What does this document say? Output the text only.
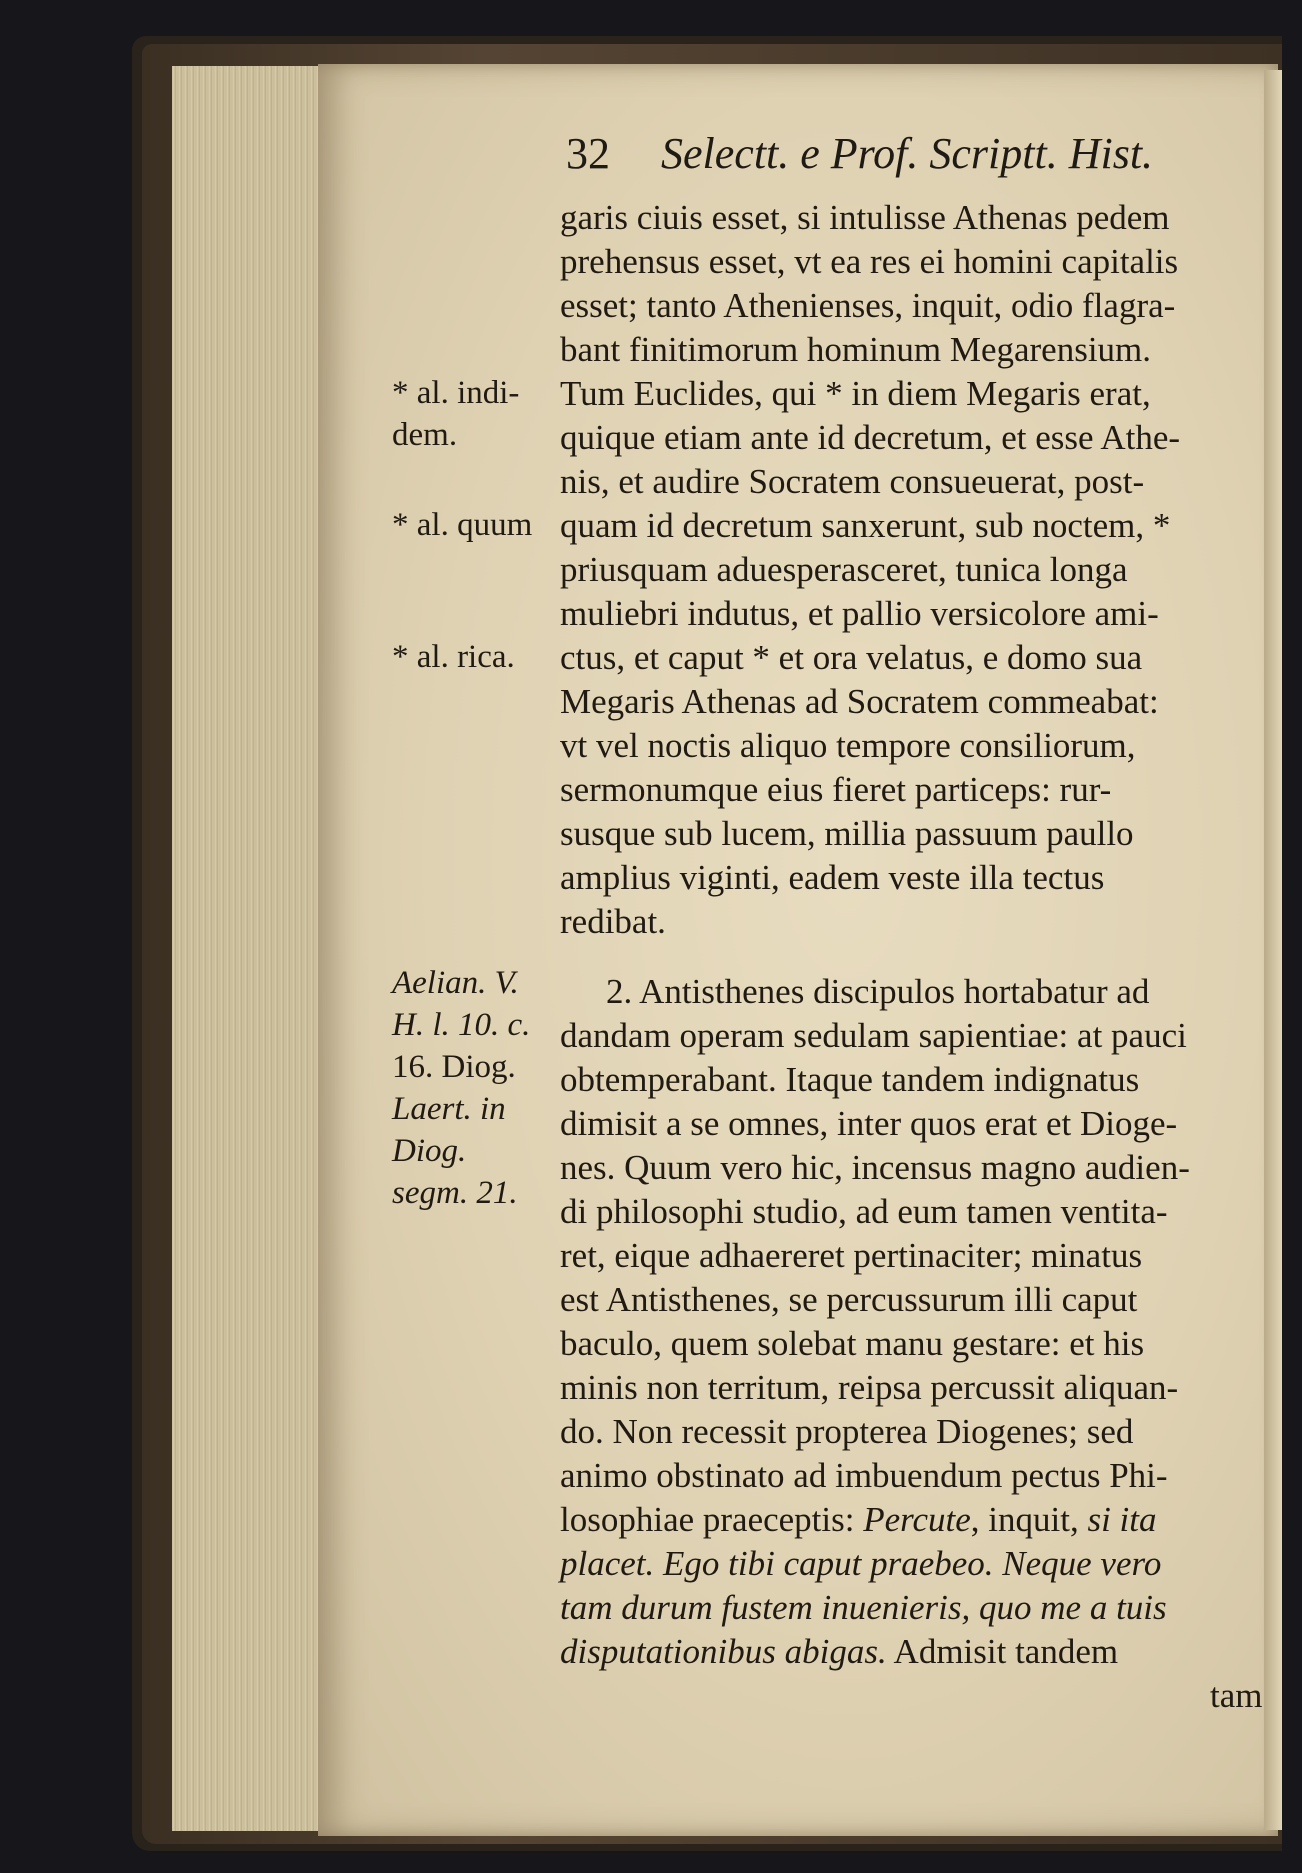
32 Selectt. e Prof. Scriptt. Hist.
garis ciuis esset, si intulisse Athenas pedem
prehensus esset, vt ea res ei homini capitalis
esset; tanto Athenienses, inquit, odio flagra-
bant finitimorum hominum Megarensium.
Tum Euclides, qui * in diem Megaris erat,
quique etiam ante id decretum, et esse Athe-
nis, et audire Socratem consueuerat, post-
quam id decretum sanxerunt, sub noctem, *
priusquam aduesperasceret, tunica longa
muliebri indutus, et pallio versicolore ami-
ctus, et caput * et ora velatus, e domo sua
Megaris Athenas ad Socratem commeabat:
vt vel noctis aliquo tempore consiliorum,
sermonumque eius fieret particeps: rur-
susque sub lucem, millia passuum paullo
amplius viginti, eadem veste illa tectus
redibat.
2. Antisthenes discipulos hortabatur ad
dandam operam sedulam sapientiae: at pauci
obtemperabant. Itaque tandem indignatus
dimisit a se omnes, inter quos erat et Dioge-
nes. Quum vero hic, incensus magno audien-
di philosophi studio, ad eum tamen ventita-
ret, eique adhaereret pertinaciter; minatus
est Antisthenes, se percussurum illi caput
baculo, quem solebat manu gestare: et his
minis non territum, reipsa percussit aliquan-
do. Non recessit propterea Diogenes; sed
animo obstinato ad imbuendum pectus Phi-
losophiae praeceptis: Percute, inquit, si ita
placet. Ego tibi caput praebeo. Neque vero
tam durum fustem inuenieris, quo me a tuis
disputationibus abigas. Admisit tandem
tam
* al. indi-
dem.
* al. quum
* al. rica.
Aelian. V.
H. l. 10. c.
16. Diog.
Laert. in
Diog.
segm. 21.
